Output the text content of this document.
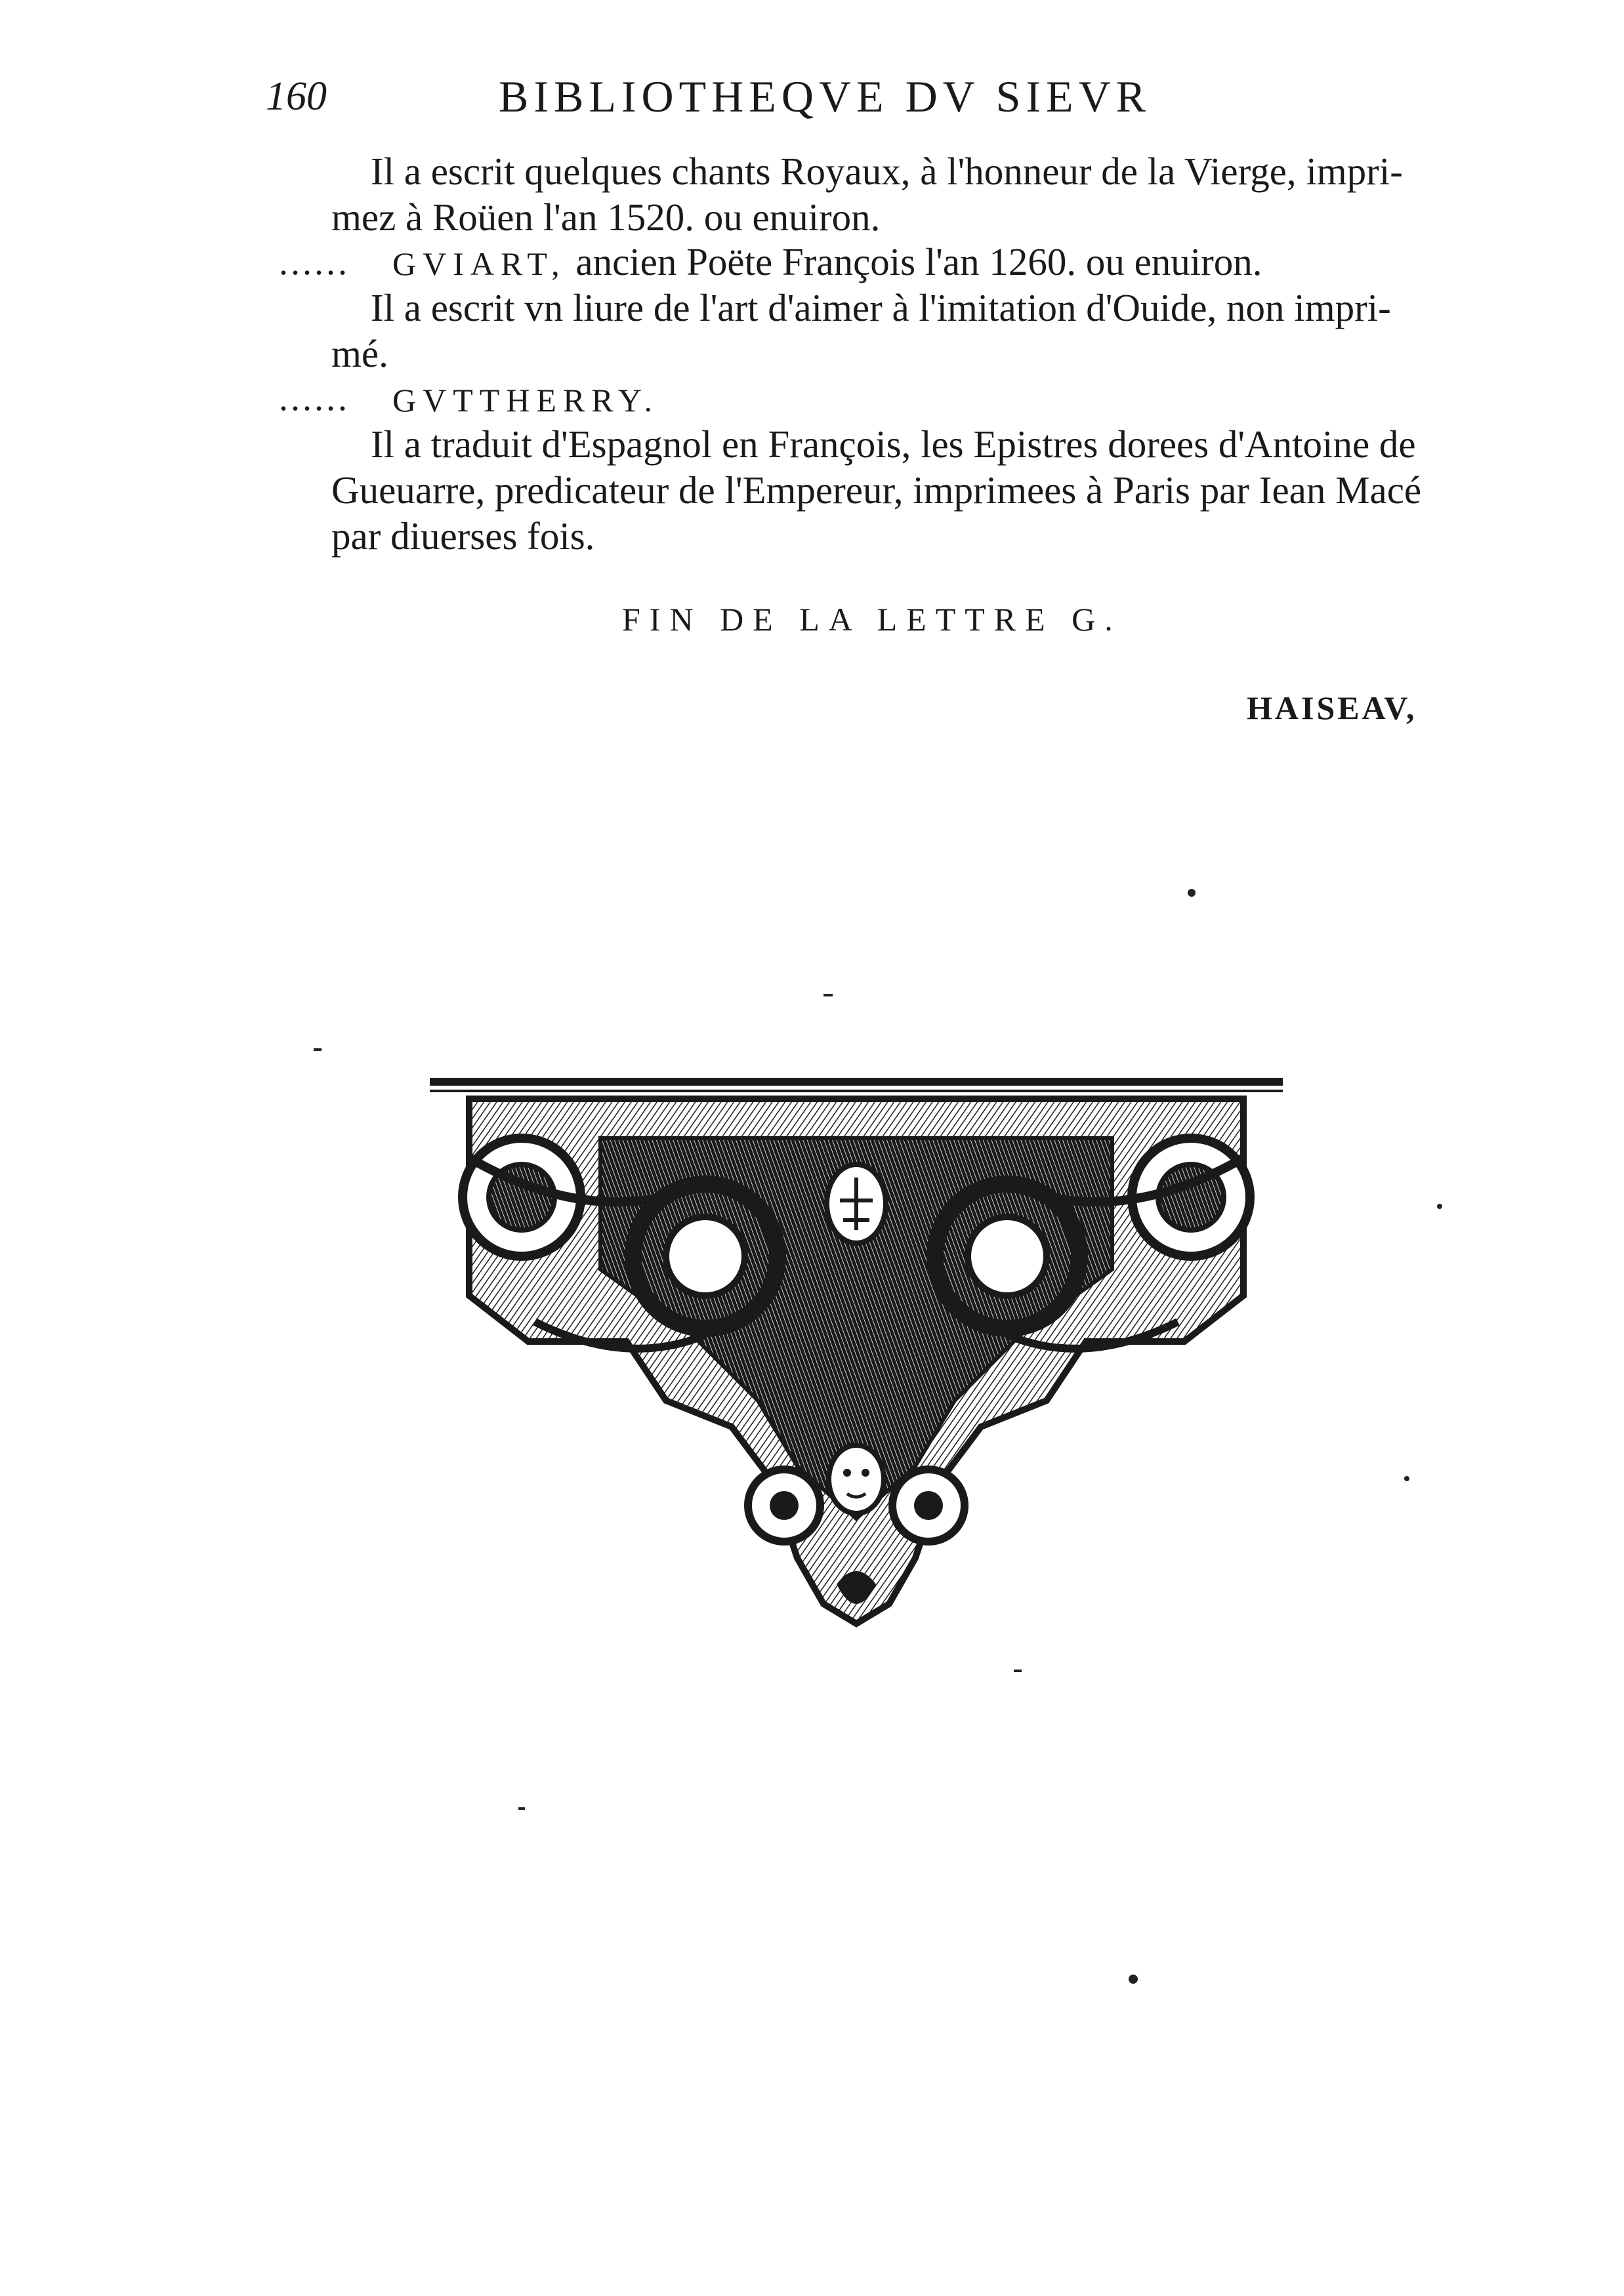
160	BIBLIOTHEQVE DV SIEVR
Il a escrit quelques chants Royaux, à l'honneur de la Vierge, impri-
mez à Roüen l'an 1520. ou enuiron.
...... GVIART, ancien Poëte François l'an 1260. ou enuiron.
Il a escrit vn liure de l'art d'aimer à l'imitation d'Ouide, non impri-
mé.
...... GVTTHERRY.
Il a traduit d'Espagnol en François, les Epistres dorees d'Antoine de
Gueuarre, predicateur de l'Empereur, imprimees à Paris par Iean Macé
par diuerses fois.
FIN DE LA LETTRE G.
HAISEAV,
